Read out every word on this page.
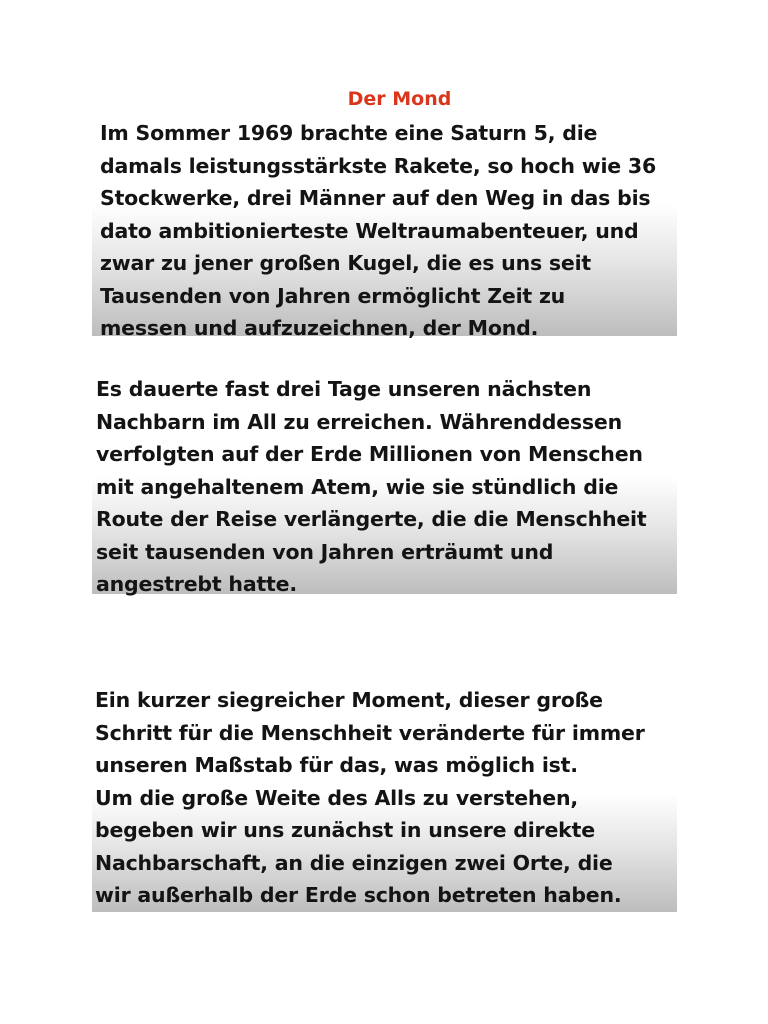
Der Mond

Im Sommer 1969 brachte eine Saturn 5, die
damals leistungsstärkste Rakete, so hoch wie 36
Stockwerke, drei Männer auf den Weg in das bis
dato ambitionierteste Weltraumabenteuer, und
zwar zu jener großen Kugel, die es uns seit
Tausenden von Jahren ermöglicht Zeit zu
messen und aufzuzeichnen, der Mond.

Es dauerte fast drei Tage unseren nächsten
Nachbarn im All zu erreichen. Währenddessen
verfolgten auf der Erde Millionen von Menschen
mit angehaltenem Atem, wie sie stündlich die
Route der Reise verlängerte, die die Menschheit
seit tausenden von Jahren erträumt und
angestrebt hatte.

Ein kurzer siegreicher Moment, dieser große
Schritt für die Menschheit veränderte für immer
unseren Maßstab für das, was möglich ist.
Um die große Weite des Alls zu verstehen,
begeben wir uns zunächst in unsere direkte
Nachbarschaft, an die einzigen zwei Orte, die
wir außerhalb der Erde schon betreten haben.
